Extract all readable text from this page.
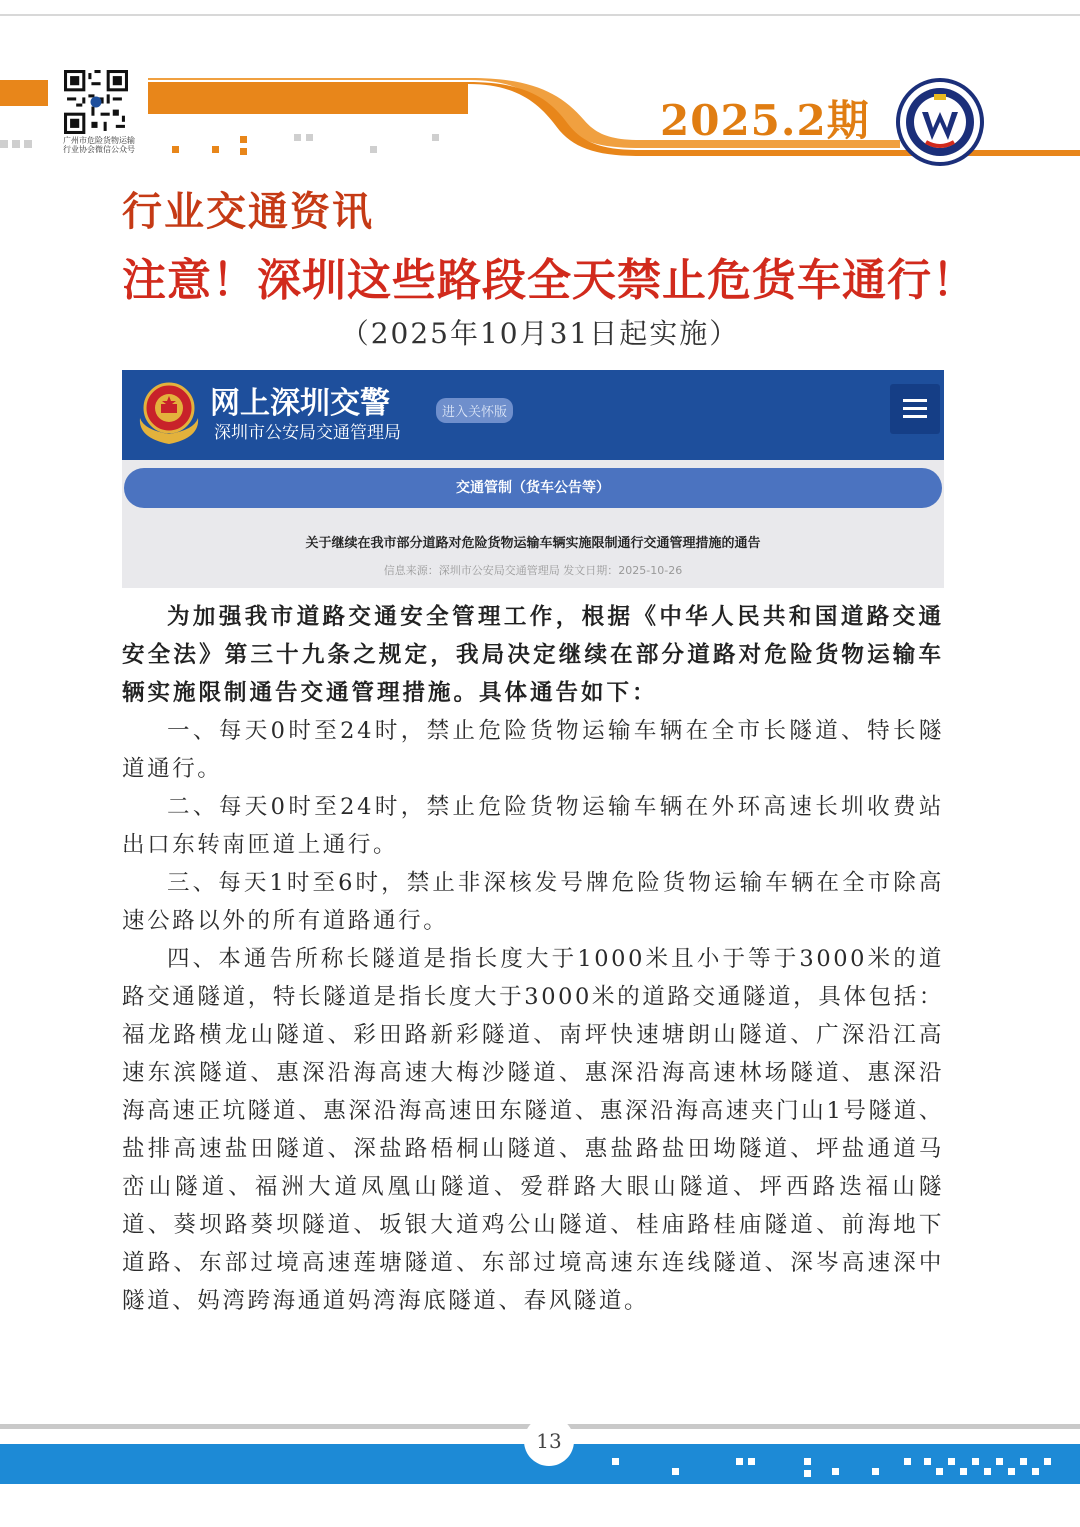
广州市危险货物运输
行业协会微信公众号
2025.2期
行业交通资讯
注意！深圳这些路段全天禁止危货车通行！
（2025年10月31日起实施）
网上深圳交警
深圳市公安局交通管理局
进入关怀版
交通管制（货车公告等）
关于继续在我市部分道路对危险货物运输车辆实施限制通行交通管理措施的通告
信息来源：深圳市公安局交通管理局 发文日期：2025-10-26

为加强我市道路交通安全管理工作，根据《中华人民共和国道路交通安全法》第三十九条之规定，我局决定继续在部分道路对危险货物运输车辆实施限制通告交通管理措施。具体通告如下：

一、每天0时至24时，禁止危险货物运输车辆在全市长隧道、特长隧道通行。

二、每天0时至24时，禁止危险货物运输车辆在外环高速长圳收费站出口东转南匝道上通行。

三、每天1时至6时，禁止非深核发号牌危险货物运输车辆在全市除高速公路以外的所有道路通行。

四、本通告所称长隧道是指长度大于1000米且小于等于3000米的道路交通隧道，特长隧道是指长度大于3000米的道路交通隧道，具体包括：福龙路横龙山隧道、彩田路新彩隧道、南坪快速塘朗山隧道、广深沿江高速东滨隧道、惠深沿海高速大梅沙隧道、惠深沿海高速林场隧道、惠深沿海高速正坑隧道、惠深沿海高速田东隧道、惠深沿海高速夹门山1号隧道、盐排高速盐田隧道、深盐路梧桐山隧道、惠盐路盐田坳隧道、坪盐通道马峦山隧道、福洲大道凤凰山隧道、爱群路大眼山隧道、坪西路迭福山隧道、葵坝路葵坝隧道、坂银大道鸡公山隧道、桂庙路桂庙隧道、前海地下道路、东部过境高速莲塘隧道、东部过境高速东连线隧道、深岑高速深中隧道、妈湾跨海通道妈湾海底隧道、春风隧道。

13
